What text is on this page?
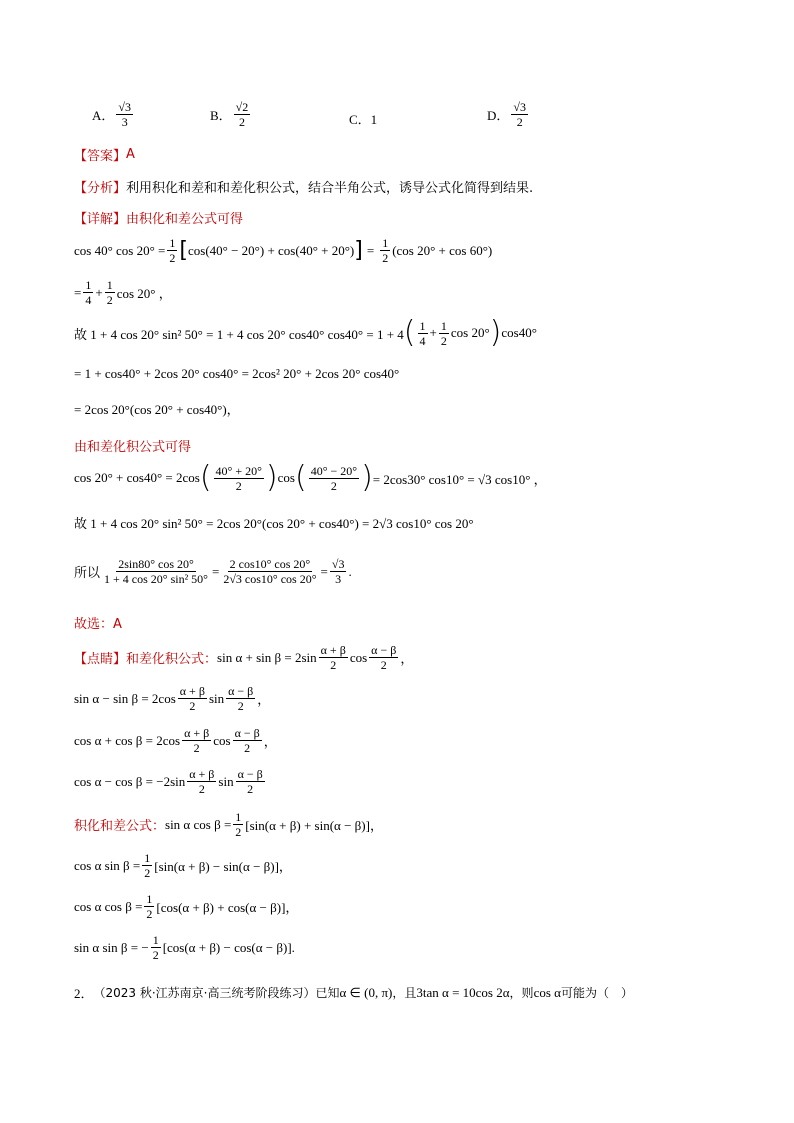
A． $\frac{√3}{3}$	B． $\frac{√2}{2}$	C．1	D． $\frac{√3}{2}$
【答案】 A
【分析】 利用积化和差和和差化积公式，结合半角公式，诱导公式化简得到结果.
【详解】 由积化和差公式可得
cos 40° $\cos 20^\circ = \frac{1}{2}$ [ cos(40° − 20°) + cos(40° + 20°) ] = $\frac{1}{2} (\cos$ 20° + cos 60°)
= $\frac{1}{4} + \frac{1}{2}$ cos 20° ，
故 1 + 4 cos 20° sin² 50° = 1 + 4 cos 20° cos40° cos40° = 1 + 4 ( $\frac{1}{4} + \frac{1}{2}$ cos 20° ) cos40°
= 1 + cos40° + 2cos 20° cos40° = 2cos² 20° + 2cos 20° cos40°
= 2cos 20°(cos 20° + cos40°)，
由和差化积公式可得
cos 20° + cos40° = 2cos ( $\frac{40^\circ + 20^\circ}{2}$ ) cos ( $\frac{40^\circ - 20^\circ}{2}$ ) = 2cos30° cos10° = √3 cos10° ，
故 1 + 4 cos 20° sin² 50° = 2cos 20°(cos 20° + cos40°) = 2√3 cos10° cos 20°
所以 $\frac{2\sin 80^\circ \cos 20^\circ}{\text{1 + 4 cos 20° sin² 50°}} = \frac{2 \cos 10^\circ \cos 20^\circ}{2√3 \cos 10^\circ \cos 20^\circ} = \frac{√3}{3}$ .
故选：A
【点睛】 和差化积公式： $\sin \alpha + \sin \beta = 2\sin \frac{\alpha + \beta}{2}$ $\cos \frac{\alpha - \beta}{2}$ ，
$\sin \alpha - \sin \beta = 2\cos \frac{\alpha + \beta}{2}$ $\sin \frac{\alpha - \beta}{2}$ ，
$\cos \alpha + \cos \beta = 2\cos \frac{\alpha + \beta}{2}$ $\cos \frac{\alpha - \beta}{2}$ ，
$\cos \alpha - \cos \beta = -2\sin \frac{\alpha + \beta}{2}$ $\sin \frac{\alpha - \beta}{2}$
积化和差公式： sin α $\cos \beta = \frac{1}{2} [\sin(\alpha + \beta) + \sin(\alpha - \beta)]$，
cos α $\sin \beta = \frac{1}{2} [\sin(\alpha + \beta) - \sin(\alpha - \beta)]$，
cos α $\cos \beta = \frac{1}{2} [\cos(\alpha + \beta) + \cos(\alpha - \beta)]$，
sin α sin β = − $\frac{1}{2} [\cos(\alpha + \beta) - \cos(\alpha - \beta)]$.
2． （2023 秋·江苏南京·高三统考阶段练习）已知 α ∈ (0, π) ，且 3tan α = 10cos 2α ，则 cos α 可能为（　）
